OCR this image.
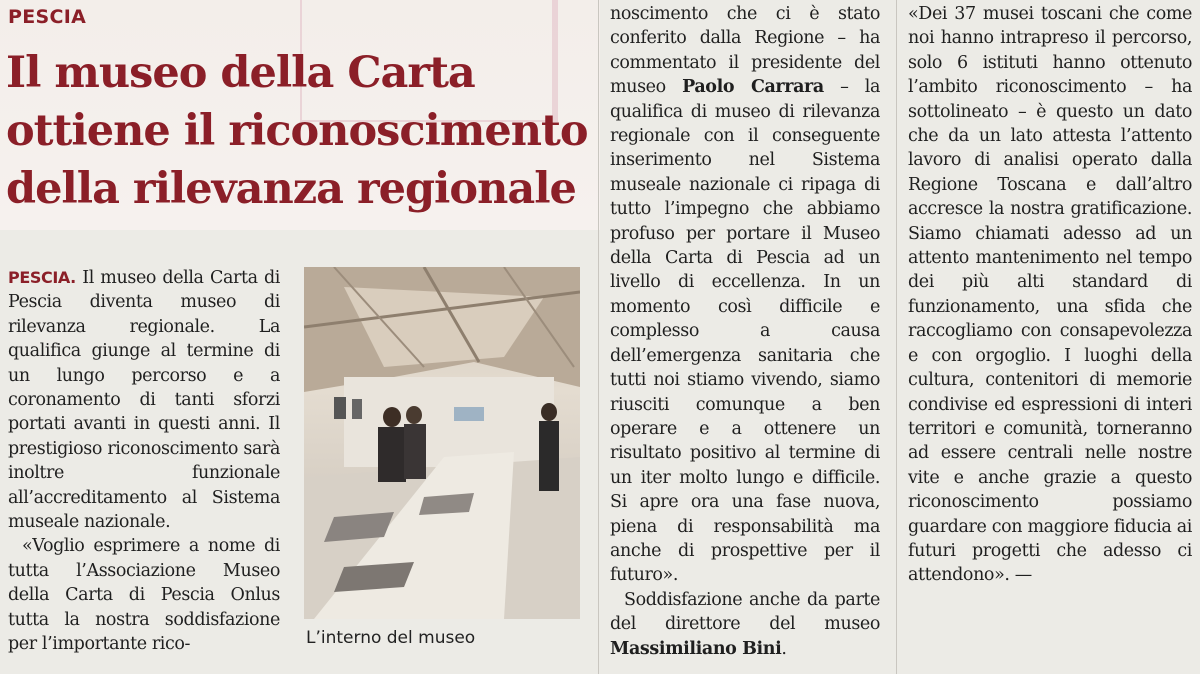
PESCIA
Il museo della Carta
ottiene il riconoscimento
della rilevanza regionale

PESCIA. Il museo della Carta di Pescia diventa museo di rilevanza regionale. La qualifica giunge al termine di un lungo percorso e a coronamento di tanti sforzi portati avanti in questi anni. Il prestigioso riconoscimento sarà inoltre funzionale all’accreditamento al Sistema museale nazionale.

«Voglio esprimere a nome di tutta l’Associazione Museo della Carta di Pescia Onlus tutta la nostra soddisfazione per l’importante rico-	L’interno del museo

noscimento che ci è stato conferito dalla Regione – ha commentato il presidente del museo Paolo Carrara – la qualifica di museo di rilevanza regionale con il conseguente inserimento nel Sistema museale nazionale ci ripaga di tutto l’impegno che abbiamo profuso per portare il Museo della Carta di Pescia ad un livello di eccellenza. In un momento così difficile e complesso a causa dell’emergenza sanitaria che tutti noi stiamo vivendo, siamo riusciti comunque a ben operare e a ottenere un risultato positivo al termine di un iter molto lungo e difficile. Si apre ora una fase nuova, piena di responsabilità ma anche di prospettive per il futuro».

Soddisfazione anche da parte del direttore del museo Massimiliano Bini.

«Dei 37 musei toscani che come noi hanno intrapreso il percorso, solo 6 istituti hanno ottenuto l’ambito riconoscimento – ha sottolineato – è questo un dato che da un lato attesta l’attento lavoro di analisi operato dalla Regione Toscana e dall’altro accresce la nostra gratificazione. Siamo chiamati adesso ad un attento mantenimento nel tempo dei più alti standard di funzionamento, una sfida che raccogliamo con consapevolezza e con orgoglio. I luoghi della cultura, contenitori di memorie condivise ed espressioni di interi territori e comunità, torneranno ad essere centrali nelle nostre vite e anche grazie a questo riconoscimento possiamo guardare con maggiore fiducia ai futuri progetti che adesso ci attendono». —
